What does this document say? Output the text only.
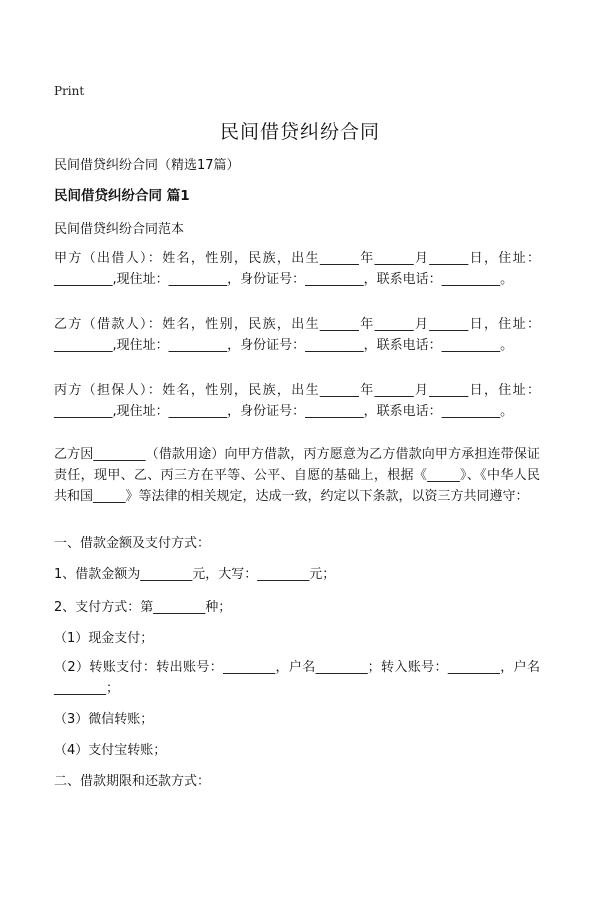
Print
民间借贷纠纷合同
民间借贷纠纷合同（精选17篇）
民间借贷纠纷合同 篇1
民间借贷纠纷合同范本

甲方（出借人）：姓名，性别，民族，出生______年______月______日，住址：_________,现住址：_________，身份证号：_________，联系电话：_________。

乙方（借款人）：姓名，性别，民族，出生______年______月______日，住址：_________,现住址：_________，身份证号：_________，联系电话：_________。

丙方（担保人）：姓名，性别，民族，出生______年______月______日，住址：_________,现住址：_________，身份证号：_________，联系电话：_________。

乙方因________（借款用途）向甲方借款，丙方愿意为乙方借款向甲方承担连带保证责任，现甲、乙、丙三方在平等、公平、自愿的基础上，根据《_____》、《中华人民共和国_____》等法律的相关规定，达成一致，约定以下条款，以资三方共同遵守：

一、借款金额及支付方式：

1、借款金额为________元，大写：________元；

2、支付方式：第________种；

（1）现金支付；

（2）转账支付：转出账号：________，户名________；转入账号：________，户名________；

（3）微信转账；

（4）支付宝转账；

二、借款期限和还款方式：
